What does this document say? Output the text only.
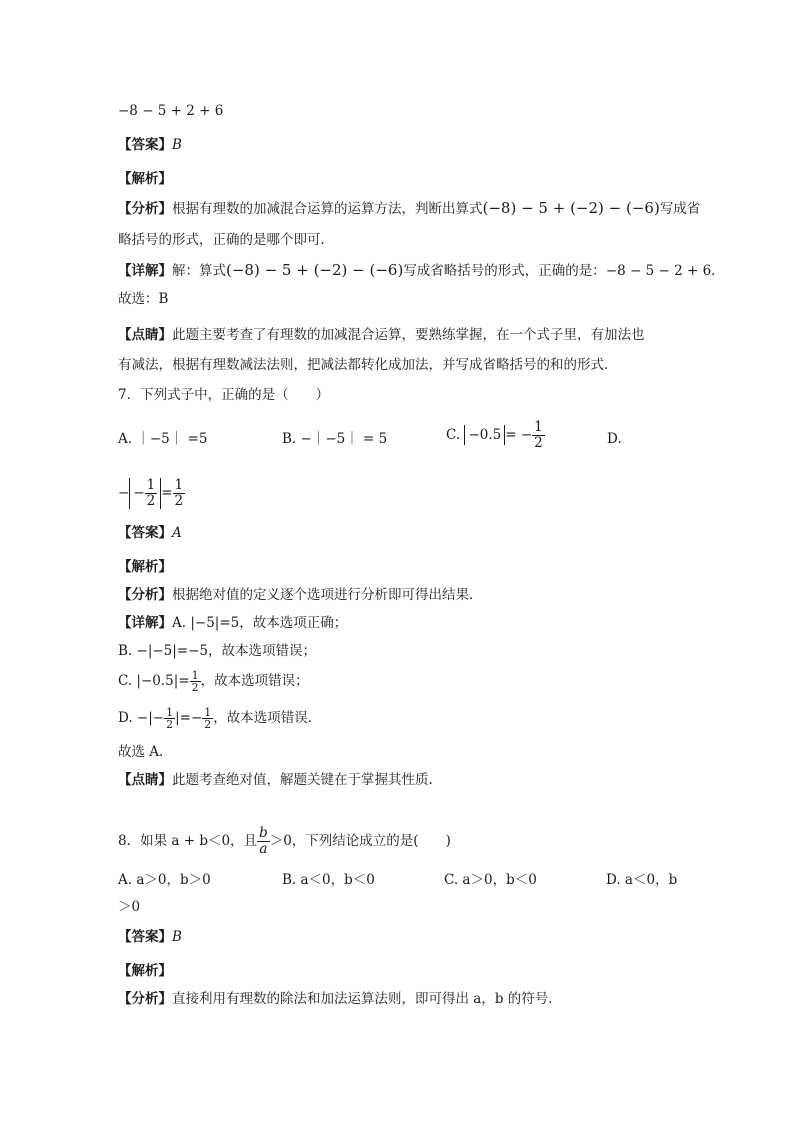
−8 − 5 + 2 + 6
【答案】B
【解析】
【分析】根据有理数的加减混合运算的运算方法，判断出算式(−8) − 5 + (−2) − (−6)写成省
略括号的形式，正确的是哪个即可．
【详解】解：算式(−8) − 5 + (−2) − (−6)写成省略括号的形式，正确的是：−8 − 5 − 2 + 6．
故选：B
【点睛】此题主要考查了有理数的加减混合运算，要熟练掌握，在一个式子里，有加法也
有减法，根据有理数减法法则，把减法都转化成加法，并写成省略括号的和的形式．
7．下列式子中，正确的是（　　）
A. ｜−5｜ =5	B. −｜−5｜ = 5	C. −0.5 = − $\frac{1}{2}$	D.
− − $\frac{1}{2} = \frac{1}{2}$
【答案】A
【解析】
【分析】根据绝对值的定义逐个选项进行分析即可得出结果．
【详解】A. |−5|=5，故本选项正确；
B. −|−5|=−5，故本选项错误；
C. $|-0.5|= \frac{1}{2}$ ，故本选项错误；
D. −|− $\frac{1}{2}$ |=− $\frac{1}{2}$ ，故本选项错误．
故选 A.
【点睛】此题考查绝对值，解题关键在于掌握其性质.
8．如果 a + b＜0，且 $\frac{b}{a} >0$，下列结论成立的是(　　)
A. a＞0，b＞0	B. a＜0，b＜0	C. a＞0，b＜0	D. a＜0，b
＞0
【答案】B
【解析】
【分析】直接利用有理数的除法和加法运算法则，即可得出 a，b 的符号．
